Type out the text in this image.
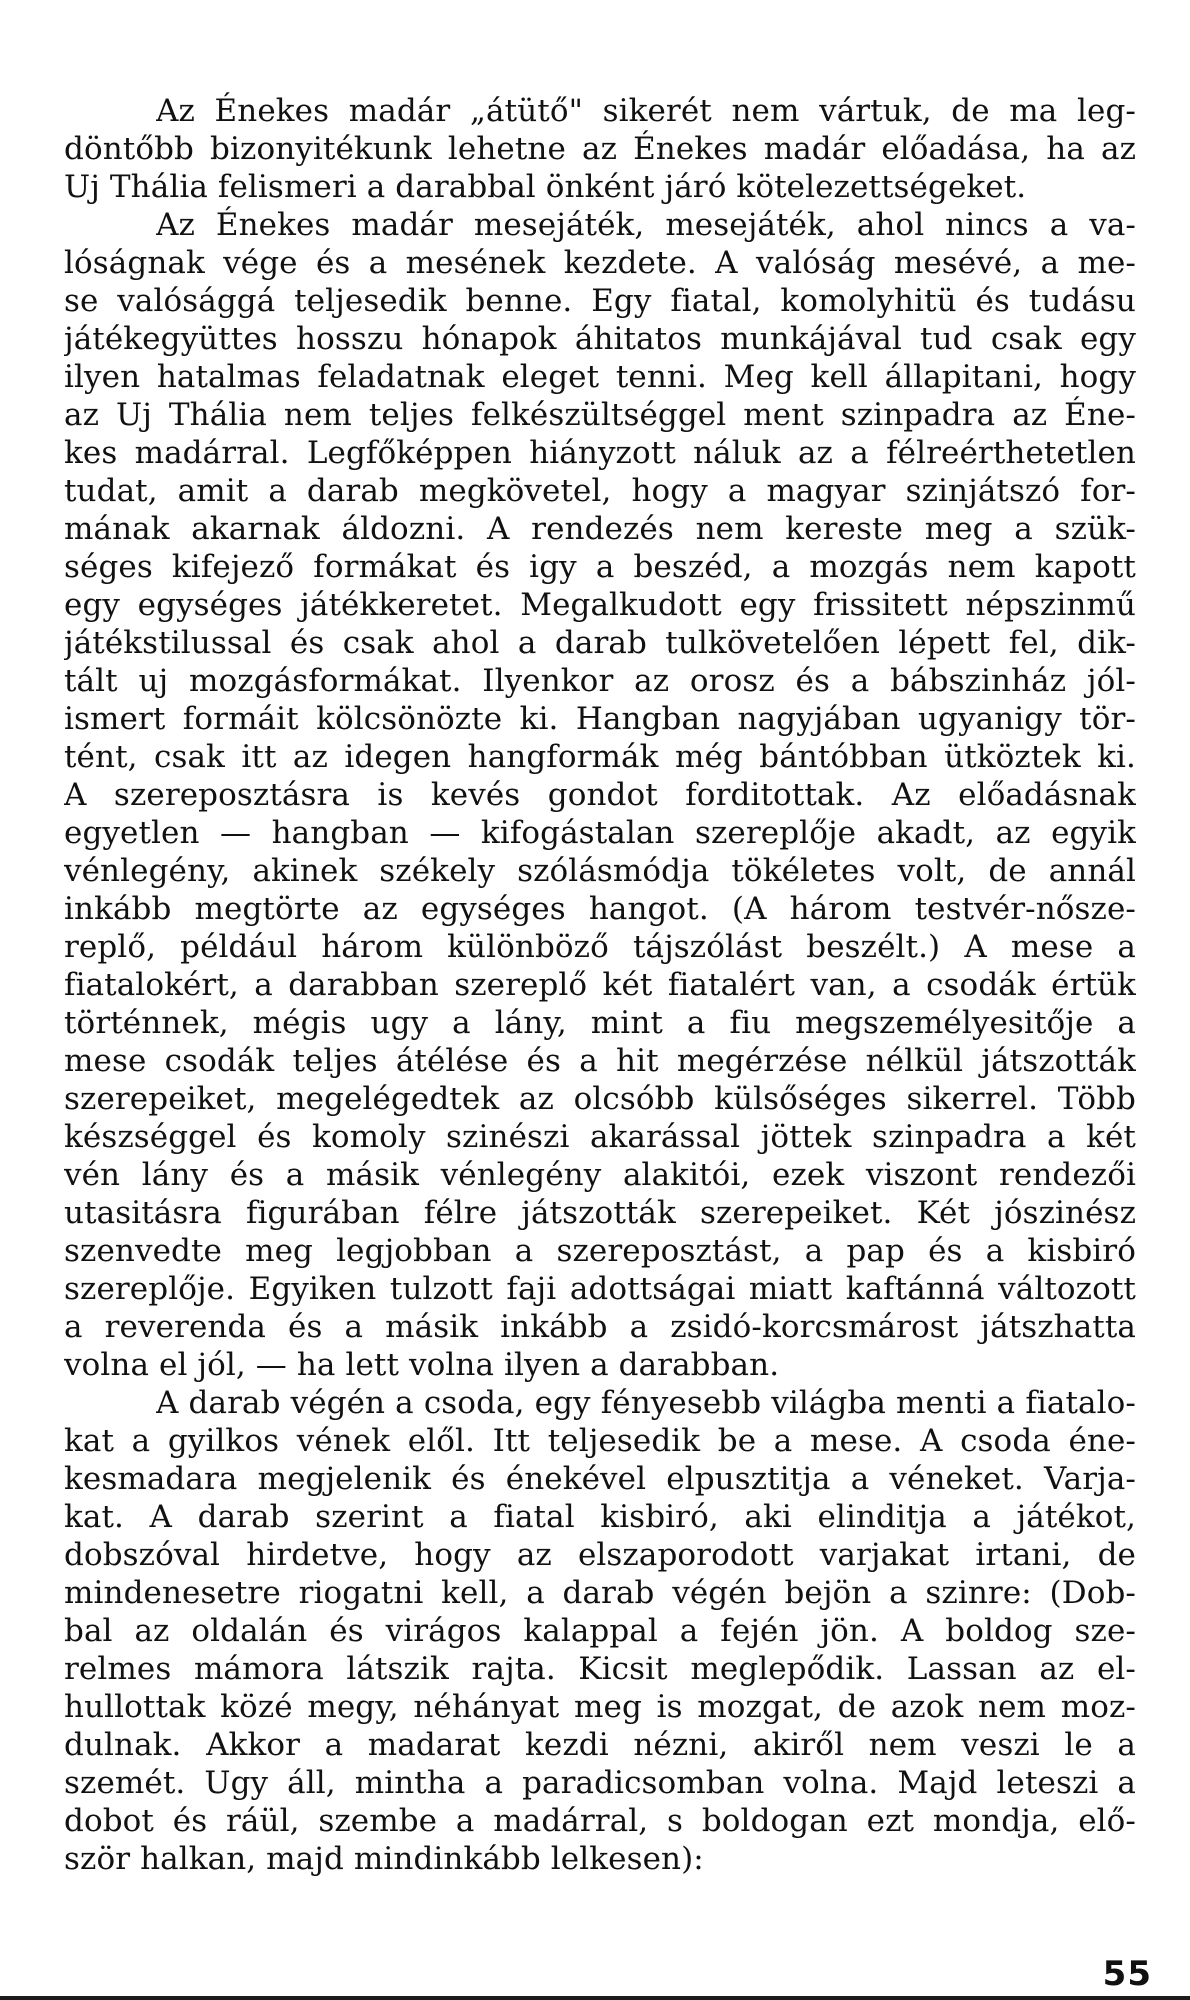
Az Énekes madár „átütő" sikerét nem vártuk, de ma leg-
döntőbb bizonyitékunk lehetne az Énekes madár előadása, ha az
Uj Thália felismeri a darabbal önként járó kötelezettségeket.
Az Énekes madár mesejáték, mesejáték, ahol nincs a va-
lóságnak vége és a mesének kezdete. A valóság mesévé, a me-
se valósággá teljesedik benne. Egy fiatal, komolyhitü és tudásu
játékegyüttes hosszu hónapok áhitatos munkájával tud csak egy
ilyen hatalmas feladatnak eleget tenni. Meg kell állapitani, hogy
az Uj Thália nem teljes felkészültséggel ment szinpadra az Éne-
kes madárral. Legfőképpen hiányzott náluk az a félreérthetetlen
tudat, amit a darab megkövetel, hogy a magyar szinjátszó for-
mának akarnak áldozni. A rendezés nem kereste meg a szük-
séges kifejező formákat és igy a beszéd, a mozgás nem kapott
egy egységes játékkeretet. Megalkudott egy frissitett népszinmű
játékstilussal és csak ahol a darab tulkövetelően lépett fel, dik-
tált uj mozgásformákat. Ilyenkor az orosz és a bábszinház jól-
ismert formáit kölcsönözte ki. Hangban nagyjában ugyanigy tör-
tént, csak itt az idegen hangformák még bántóbban ütköztek ki.
A szereposztásra is kevés gondot forditottak. Az előadásnak
egyetlen — hangban — kifogástalan szereplője akadt, az egyik
vénlegény, akinek székely szólásmódja tökéletes volt, de annál
inkább megtörte az egységes hangot. (A három testvér-nősze-
replő, például három különböző tájszólást beszélt.) A mese a
fiatalokért, a darabban szereplő két fiatalért van, a csodák értük
történnek, mégis ugy a lány, mint a fiu megszemélyesitője a
mese csodák teljes átélése és a hit megérzése nélkül játszották
szerepeiket, megelégedtek az olcsóbb külsőséges sikerrel. Több
készséggel és komoly szinészi akarással jöttek szinpadra a két
vén lány és a másik vénlegény alakitói, ezek viszont rendezői
utasitásra figurában félre játszották szerepeiket. Két jószinész
szenvedte meg legjobban a szereposztást, a pap és a kisbiró
szereplője. Egyiken tulzott faji adottságai miatt kaftánná változott
a reverenda és a másik inkább a zsidó-korcsmárost játszhatta
volna el jól, — ha lett volna ilyen a darabban.
A darab végén a csoda, egy fényesebb világba menti a fiatalo-
kat a gyilkos vének elől. Itt teljesedik be a mese. A csoda éne-
kesmadara megjelenik és énekével elpusztitja a véneket. Varja-
kat. A darab szerint a fiatal kisbiró, aki elinditja a játékot,
dobszóval hirdetve, hogy az elszaporodott varjakat irtani, de
mindenesetre riogatni kell, a darab végén bejön a szinre: (Dob-
bal az oldalán és virágos kalappal a fején jön. A boldog sze-
relmes mámora látszik rajta. Kicsit meglepődik. Lassan az el-
hullottak közé megy, néhányat meg is mozgat, de azok nem moz-
dulnak. Akkor a madarat kezdi nézni, akiről nem veszi le a
szemét. Ugy áll, mintha a paradicsomban volna. Majd leteszi a
dobot és ráül, szembe a madárral, s boldogan ezt mondja, elő-
ször halkan, majd mindinkább lelkesen):
55
